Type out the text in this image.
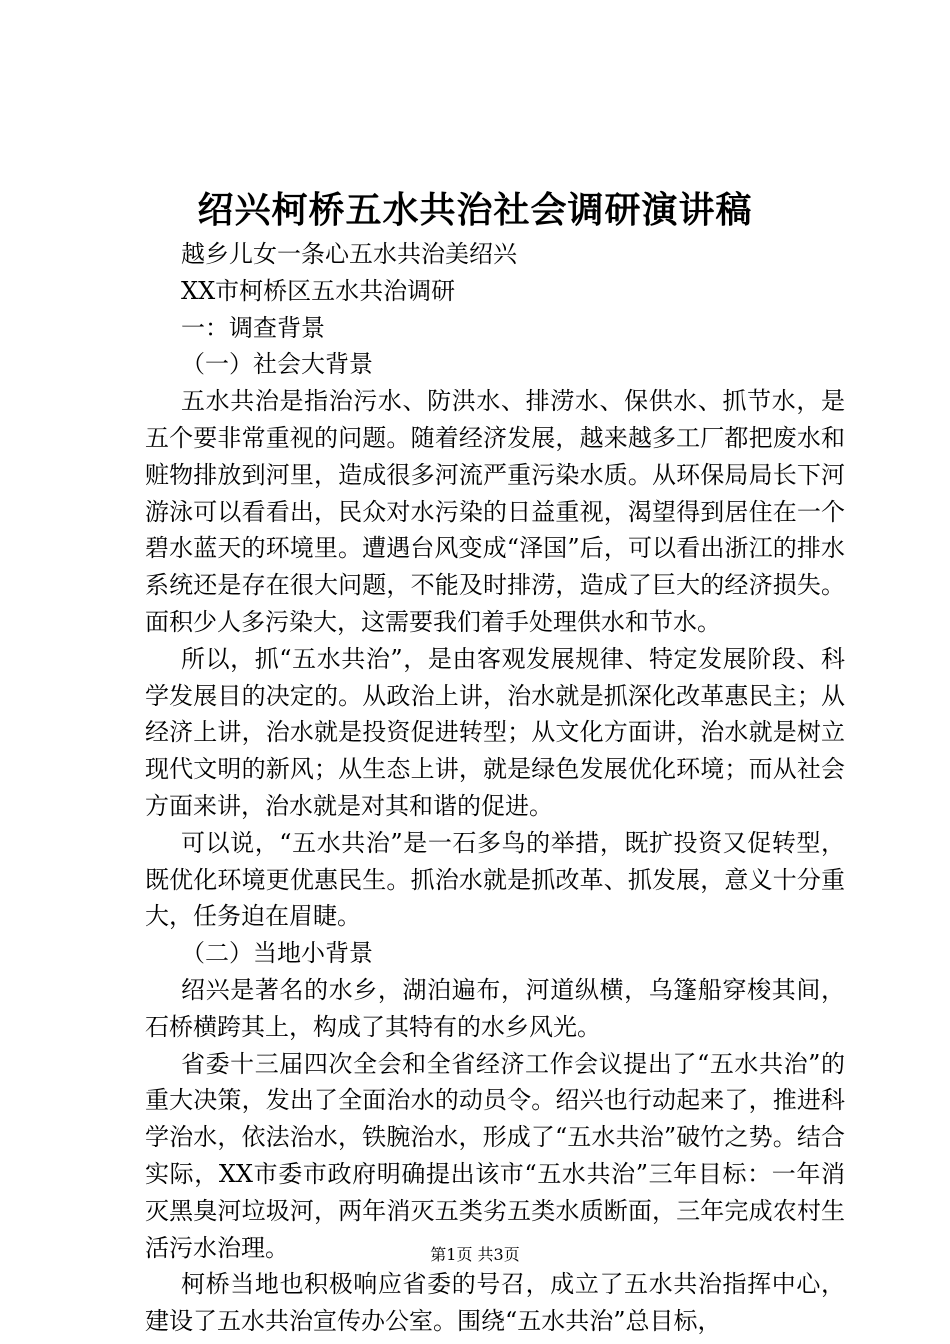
绍兴柯桥五水共治社会调研演讲稿
越乡儿女一条心五水共治美绍兴
XX市柯桥区五水共治调研
一：调查背景
（一）社会大背景

五水共治是指治污水、防洪水、排涝水、保供水、抓节水，是五个要非常重视的问题。随着经济发展，越来越多工厂都把废水和赃物排放到河里，造成很多河流严重污染水质。从环保局局长下河游泳可以看看出，民众对水污染的日益重视，渴望得到居住在一个碧水蓝天的环境里。遭遇台风变成“泽国”后，可以看出浙江的排水系统还是存在很大问题，不能及时排涝，造成了巨大的经济损失。面积少人多污染大，这需要我们着手处理供水和节水。

所以，抓“五水共治”，是由客观发展规律、特定发展阶段、科学发展目的决定的。从政治上讲，治水就是抓深化改革惠民主；从经济上讲，治水就是投资促进转型；从文化方面讲，治水就是树立现代文明的新风；从生态上讲，就是绿色发展优化环境；而从社会方面来讲，治水就是对其和谐的促进。

可以说，“五水共治”是一石多鸟的举措，既扩投资又促转型，既优化环境更优惠民生。抓治水就是抓改革、抓发展，意义十分重大，任务迫在眉睫。

（二）当地小背景

绍兴是著名的水乡，湖泊遍布，河道纵横，乌篷船穿梭其间，石桥横跨其上，构成了其特有的水乡风光。

省委十三届四次全会和全省经济工作会议提出了“五水共治”的重大决策，发出了全面治水的动员令。绍兴也行动起来了，推进科学治水，依法治水，铁腕治水，形成了“五水共治”破竹之势。结合实际，XX市委市政府明确提出该市“五水共治”三年目标：一年消灭黑臭河垃圾河，两年消灭五类劣五类水质断面，三年完成农村生活污水治理。

柯桥当地也积极响应省委的号召，成立了五水共治指挥中心，建设了五水共治宣传办公室。围绕“五水共治”总目标，

第1页 共3页
